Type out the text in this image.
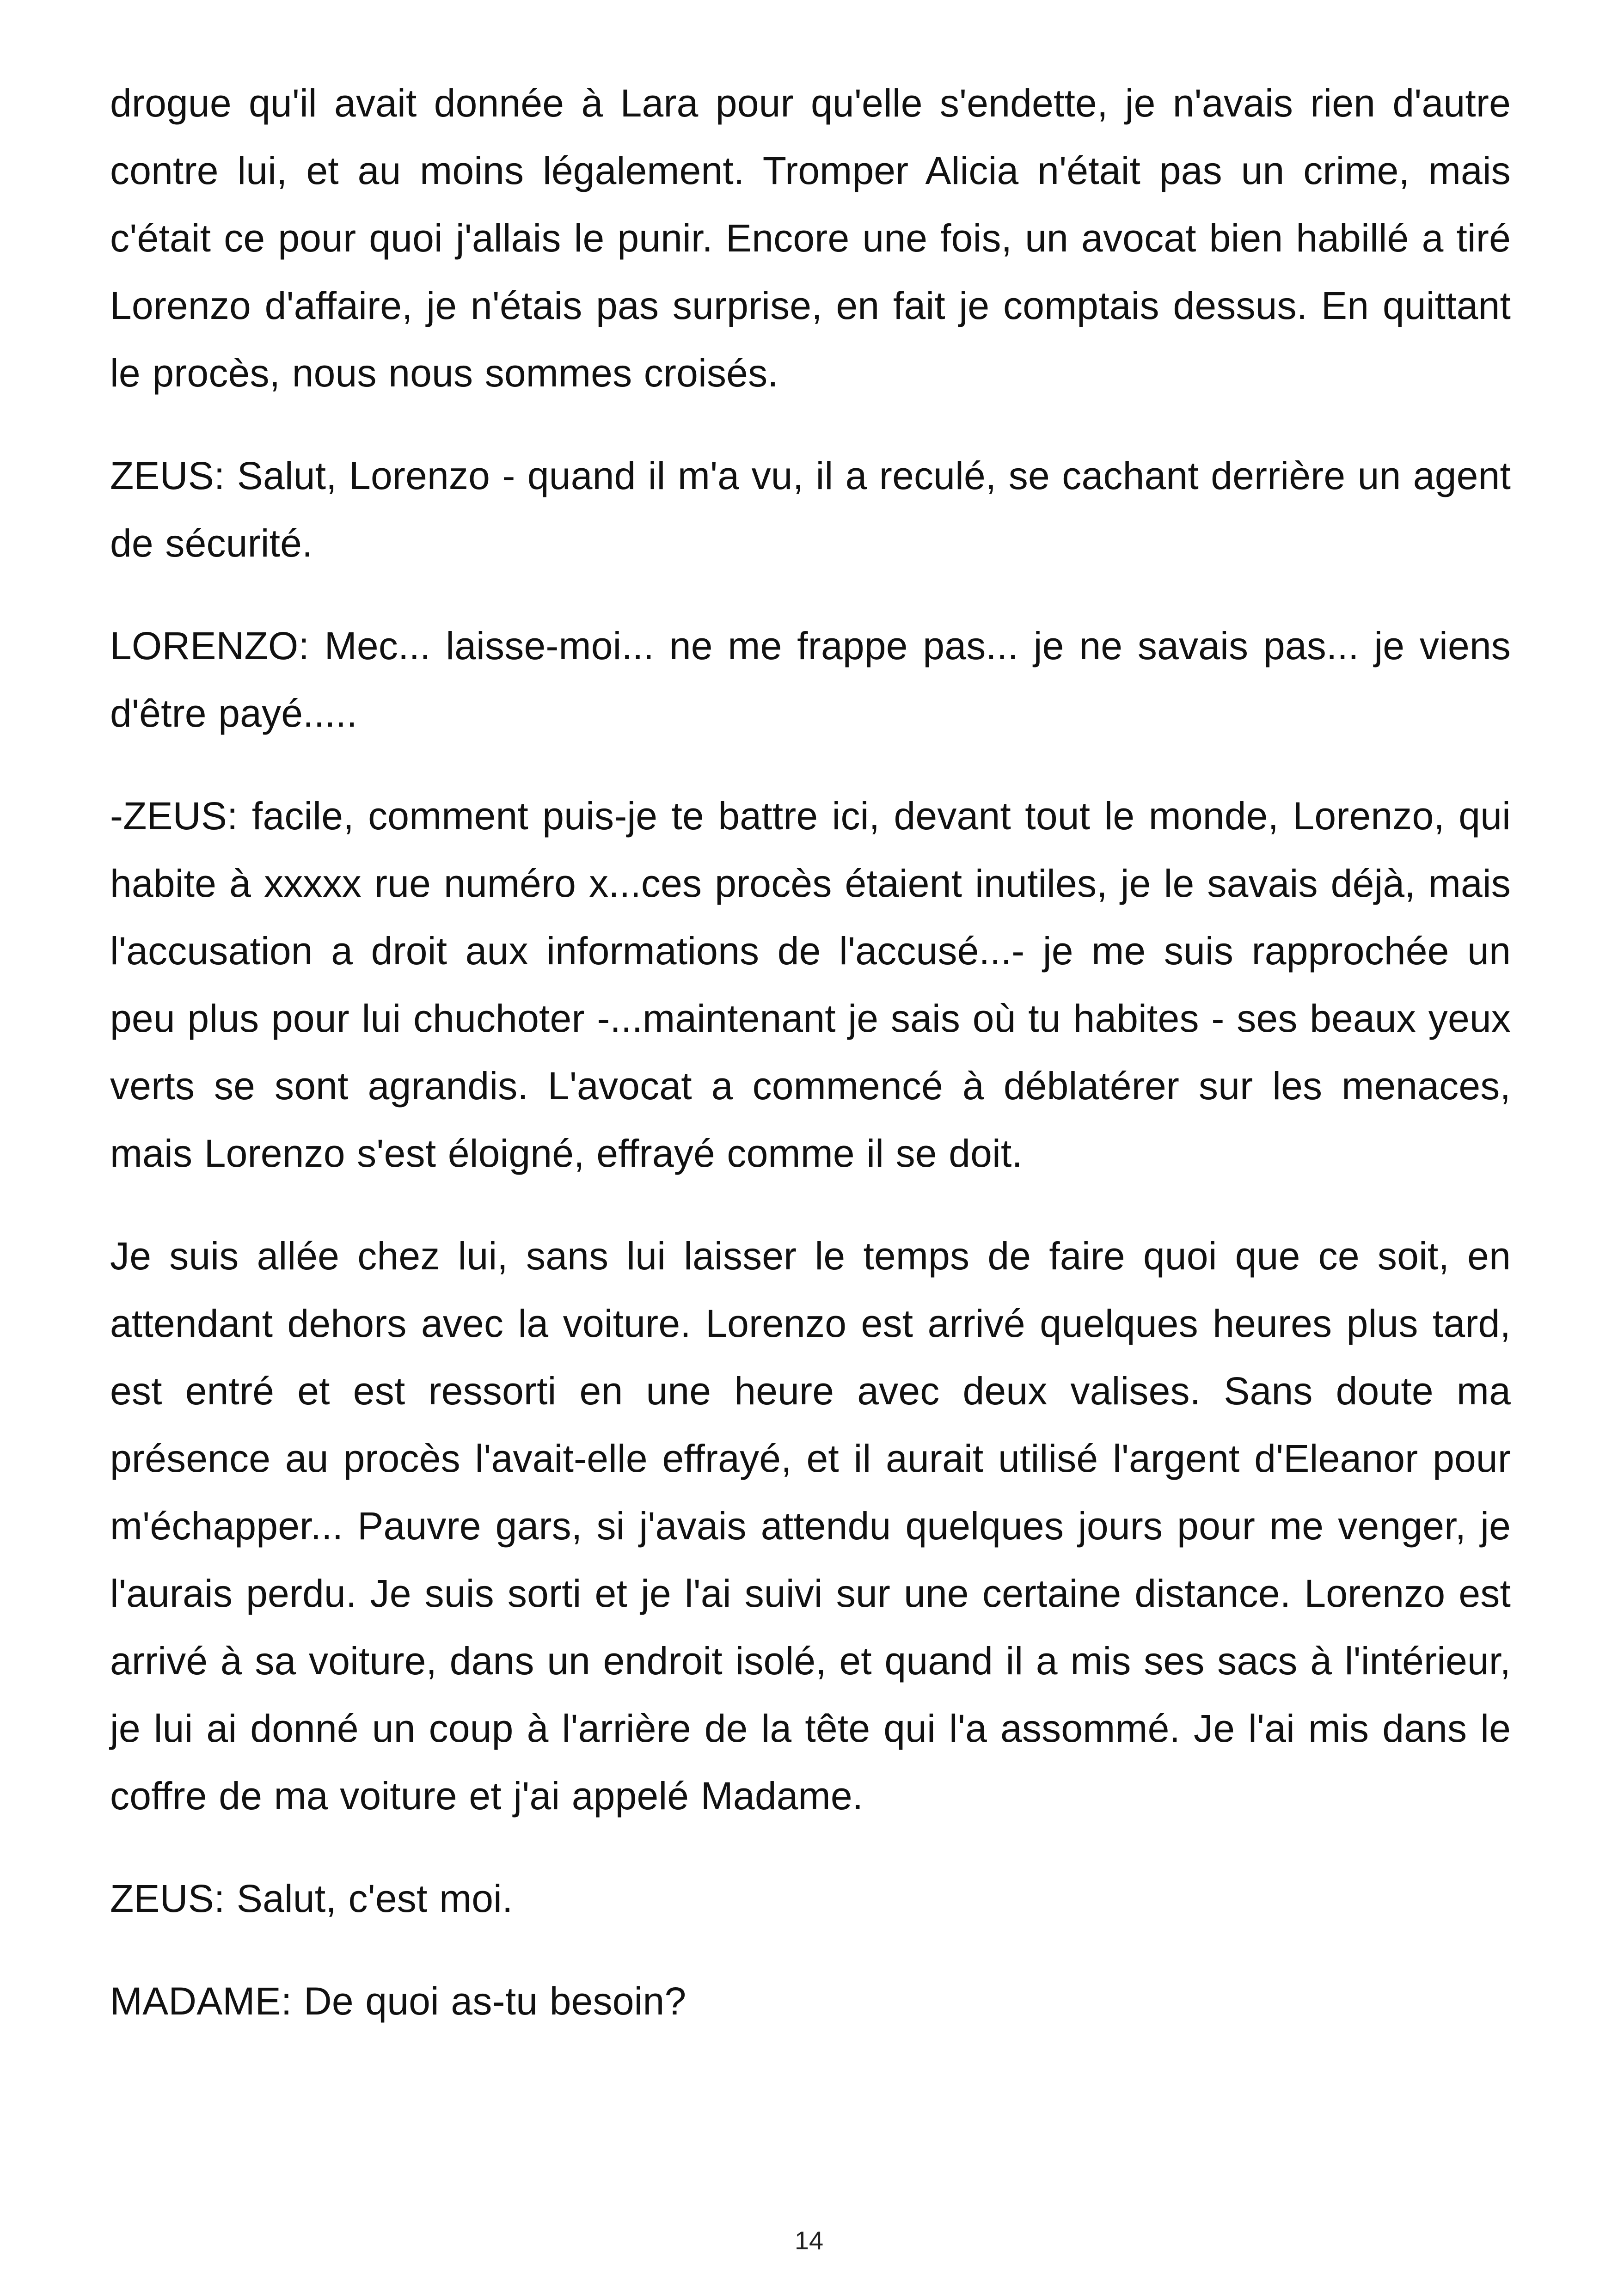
drogue qu'il avait donnée à Lara pour qu'elle s'endette, je n'avais rien d'autre contre lui, et au moins légalement. Tromper Alicia n'était pas un crime, mais c'était ce pour quoi j'allais le punir. Encore une fois, un avocat bien habillé a tiré Lorenzo d'affaire, je n'étais pas surprise, en fait je comptais dessus. En quittant le procès, nous nous sommes croisés.

ZEUS: Salut, Lorenzo - quand il m'a vu, il a reculé, se cachant derrière un agent de sécurité.

LORENZO: Mec... laisse-moi... ne me frappe pas... je ne savais pas... je viens d'être payé.....

-ZEUS: facile, comment puis-je te battre ici, devant tout le monde, Lorenzo, qui habite à xxxxx rue numéro x...ces procès étaient inutiles, je le savais déjà, mais l'accusation a droit aux informations de l'accusé...- je me suis rapprochée un peu plus pour lui chuchoter -...maintenant je sais où tu habites - ses beaux yeux verts se sont agrandis. L'avocat a commencé à déblatérer sur les menaces, mais Lorenzo s'est éloigné, effrayé comme il se doit.

Je suis allée chez lui, sans lui laisser le temps de faire quoi que ce soit, en attendant dehors avec la voiture. Lorenzo est arrivé quelques heures plus tard, est entré et est ressorti en une heure avec deux valises. Sans doute ma présence au procès l'avait-elle effrayé, et il aurait utilisé l'argent d'Eleanor pour m'échapper... Pauvre gars, si j'avais attendu quelques jours pour me venger, je l'aurais perdu. Je suis sorti et je l'ai suivi sur une certaine distance. Lorenzo est arrivé à sa voiture, dans un endroit isolé, et quand il a mis ses sacs à l'intérieur, je lui ai donné un coup à l'arrière de la tête qui l'a assommé. Je l'ai mis dans le coffre de ma voiture et j'ai appelé Madame.

ZEUS: Salut, c'est moi.

MADAME: De quoi as-tu besoin?

14
